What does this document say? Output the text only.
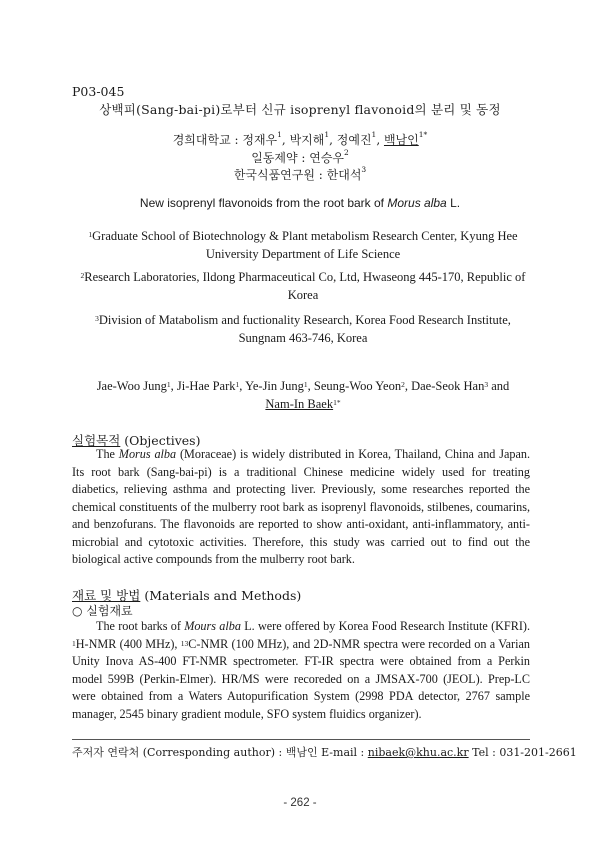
P03-045
상백피(Sang-bai-pi)로부터 신규 isoprenyl flavonoid의 분리 및 동정
경희대학교 : 정재우$^1$, 박지해$^1$, 정예진$^1$, 백남인$^{1*}$
일동제약 : 연승우$^2$
한국식품연구원 : 한대석$^3$
New isoprenyl flavonoids from the root bark of Morus alba L.
$^1$Graduate School of Biotechnology & Plant metabolism Research Center, Kyung Hee University Department of Life Science
$^2$Research Laboratories, Ildong Pharmaceutical Co, Ltd, Hwaseong 445-170, Republic of Korea
$^3$Division of Matabolism and fuctionality Research, Korea Food Research Institute, Sungnam 463-746, Korea
Jae-Woo Jung$^1$, Ji-Hae Park$^1$, Ye-Jin Jung$^1$, Seung-Woo Yeon$^2$, Dae-Seok Han$^3$ and
Nam-In Baek$^{1*}$
실험목적 (Objectives)
The Morus alba (Moraceae) is widely distributed in Korea, Thailand, China and Japan. Its root bark (Sang-bai-pi) is a traditional Chinese medicine widely used for treating diabetics, relieving asthma and protecting liver. Previously, some researches reported the chemical constituents of the mulberry root bark as isoprenyl flavonoids, stilbenes, coumarins, and benzofurans. The flavonoids are reported to show anti-oxidant, anti-inflammatory, anti-microbial and cytotoxic activities. Therefore, this study was carried out to find out the biological active compounds from the mulberry root bark.
재료 및 방법 (Materials and Methods)
○ 실험재료
The root barks of Mours alba L. were offered by Korea Food Research Institute (KFRI). $^1$H-NMR (400 MHz), $^{13}$C-NMR (100 MHz), and 2D-NMR spectra were recorded on a Varian Unity Inova AS-400 FT-NMR spectrometer. FT-IR spectra were obtained from a Perkin model 599B (Perkin-Elmer). HR/MS were recoreded on a JMSAX-700 (JEOL). Prep-LC were obtained from a Waters Autopurification System (2998 PDA detector, 2767 sample manager, 2545 binary gradient module, SFO system fluidics organizer).
주저자 연락처 (Corresponding author) : 백남인 E-mail : nibaek@khu.ac.kr Tel : 031-201-2661
- 262 -
